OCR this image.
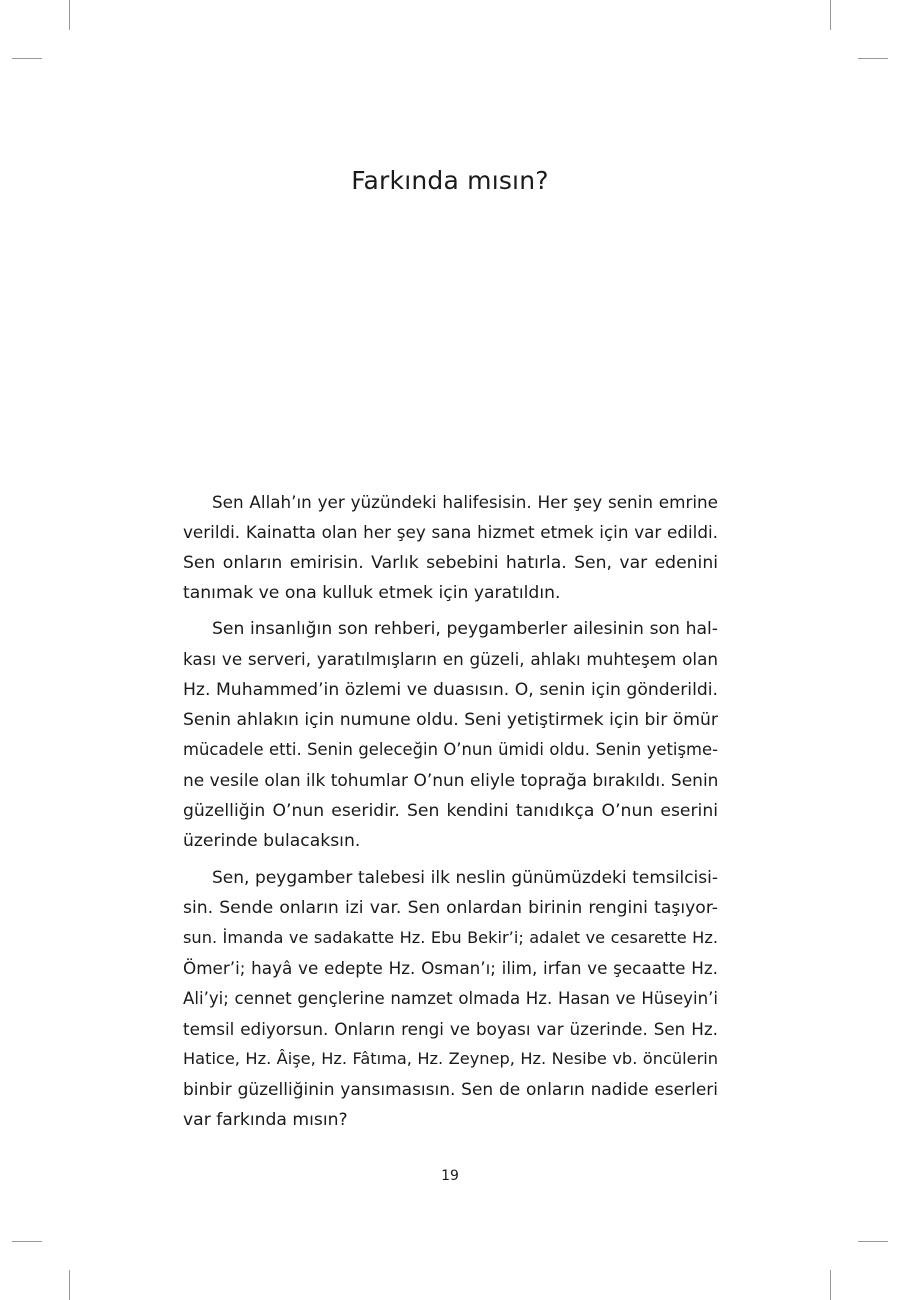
Farkında mısın?
Sen Allah’ın yer yüzündeki halifesisin. Her şey senin emrine
verildi. Kainatta olan her şey sana hizmet etmek için var edildi.
Sen onların emirisin. Varlık sebebini hatırla. Sen, var edenini
tanımak ve ona kulluk etmek için yaratıldın.
Sen insanlığın son rehberi, peygamberler ailesinin son hal-
kası ve serveri, yaratılmışların en güzeli, ahlakı muhteşem olan
Hz. Muhammed’in özlemi ve duasısın. O, senin için gönderildi.
Senin ahlakın için numune oldu. Seni yetiştirmek için bir ömür
mücadele etti. Senin geleceğin O’nun ümidi oldu. Senin yetişme-
ne vesile olan ilk tohumlar O’nun eliyle toprağa bırakıldı. Senin
güzelliğin O’nun eseridir. Sen kendini tanıdıkça O’nun eserini
üzerinde bulacaksın.
Sen, peygamber talebesi ilk neslin günümüzdeki temsilcisi-
sin. Sende onların izi var. Sen onlardan birinin rengini taşıyor-
sun. İmanda ve sadakatte Hz. Ebu Bekir’i; adalet ve cesarette Hz.
Ömer’i; hayâ ve edepte Hz. Osman’ı; ilim, irfan ve şecaatte Hz.
Ali’yi; cennet gençlerine namzet olmada Hz. Hasan ve Hüseyin’i
temsil ediyorsun. Onların rengi ve boyası var üzerinde. Sen Hz.
Hatice, Hz. Âişe, Hz. Fâtıma, Hz. Zeynep, Hz. Nesibe vb. öncülerin
binbir güzelliğinin yansımasısın. Sen de onların nadide eserleri
var farkında mısın?
19
